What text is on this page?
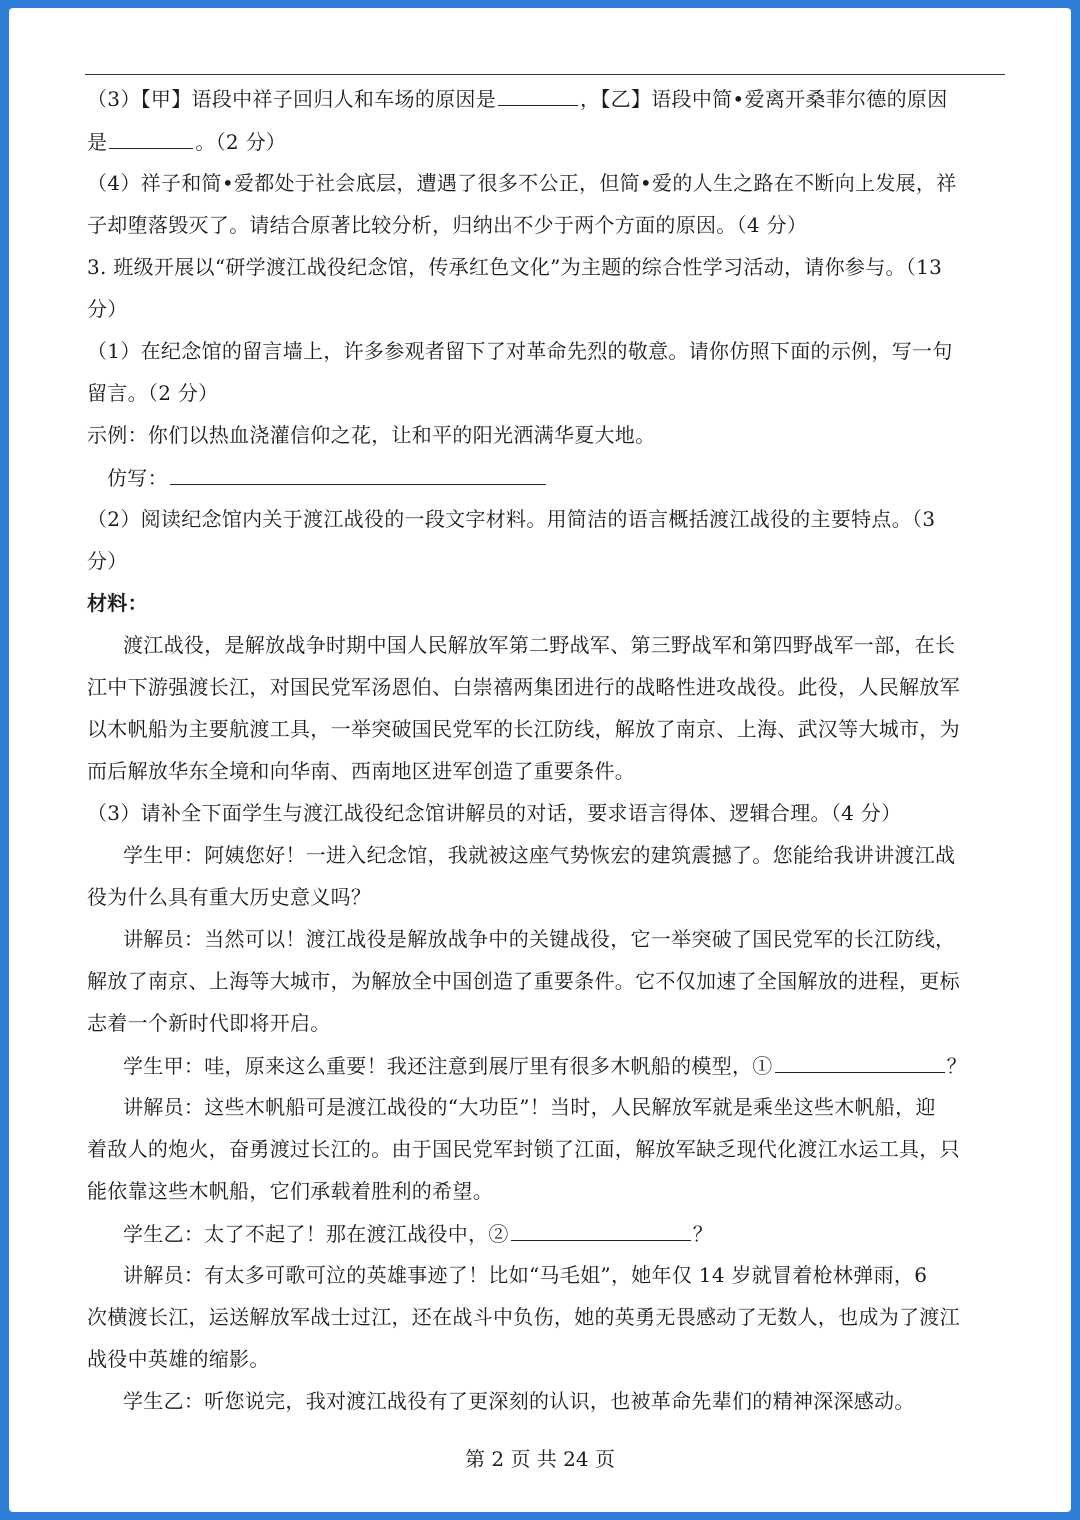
（3）【甲】语段中祥子回归人和车场的原因是	，【乙】语段中简•爱离开桑菲尔德的原因
是	。（2 分）
（4）祥子和简•爱都处于社会底层，遭遇了很多不公正，但简•爱的人生之路在不断向上发展，祥
子却堕落毁灭了。请结合原著比较分析，归纳出不少于两个方面的原因。（4 分）
3. 班级开展以“研学渡江战役纪念馆，传承红色文化”为主题的综合性学习活动，请你参与。（13
分）
（1）在纪念馆的留言墙上，许多参观者留下了对革命先烈的敬意。请你仿照下面的示例，写一句
留言。（2 分）
示例：你们以热血浇灌信仰之花，让和平的阳光洒满华夏大地。
仿写：
（2）阅读纪念馆内关于渡江战役的一段文字材料。用简洁的语言概括渡江战役的主要特点。（3
分）
材料：
渡江战役，是解放战争时期中国人民解放军第二野战军、第三野战军和第四野战军一部，在长
江中下游强渡长江，对国民党军汤恩伯、白崇禧两集团进行的战略性进攻战役。此役，人民解放军
以木帆船为主要航渡工具，一举突破国民党军的长江防线，解放了南京、上海、武汉等大城市，为
而后解放华东全境和向华南、西南地区进军创造了重要条件。
（3）请补全下面学生与渡江战役纪念馆讲解员的对话，要求语言得体、逻辑合理。（4 分）
学生甲：阿姨您好！一进入纪念馆，我就被这座气势恢宏的建筑震撼了。您能给我讲讲渡江战
役为什么具有重大历史意义吗？
讲解员：当然可以！渡江战役是解放战争中的关键战役，它一举突破了国民党军的长江防线，
解放了南京、上海等大城市，为解放全中国创造了重要条件。它不仅加速了全国解放的进程，更标
志着一个新时代即将开启。
学生甲：哇，原来这么重要！我还注意到展厅里有很多木帆船的模型，①	？
讲解员：这些木帆船可是渡江战役的“大功臣”！当时，人民解放军就是乘坐这些木帆船，迎
着敌人的炮火，奋勇渡过长江的。由于国民党军封锁了江面，解放军缺乏现代化渡江水运工具，只
能依靠这些木帆船，它们承载着胜利的希望。
学生乙：太了不起了！那在渡江战役中，②	？
讲解员：有太多可歌可泣的英雄事迹了！比如“马毛姐”，她年仅 14 岁就冒着枪林弹雨，6
次横渡长江，运送解放军战士过江，还在战斗中负伤，她的英勇无畏感动了无数人，也成为了渡江
战役中英雄的缩影。
学生乙：听您说完，我对渡江战役有了更深刻的认识，也被革命先辈们的精神深深感动。
第 2 页 共 24 页
